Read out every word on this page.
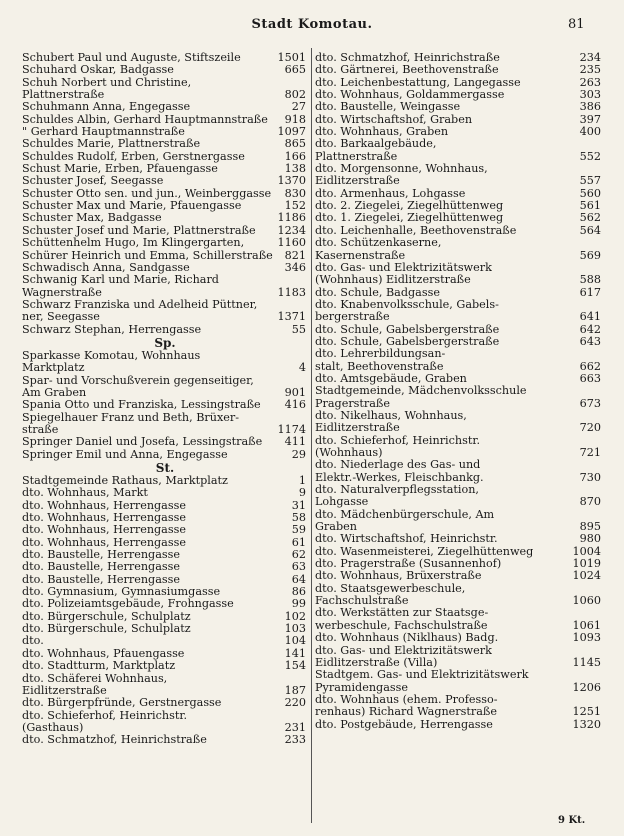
Stadt Komotau.	81
Schubert Paul und Auguste, Stiftszeile	1501
Schuhard Oskar, Badgasse	665
Schuh Norbert und Christine,
Plattnerstraße	802
Schuhmann Anna, Engegasse	27
Schuldes Albin, Gerhard Hauptmannstraße	918
" Gerhard Hauptmannstraße	1097
Schuldes Marie, Plattnerstraße	865
Schuldes Rudolf, Erben, Gerstnergasse	166
Schust Marie, Erben, Pfauengasse	138
Schuster Josef, Seegasse	1370
Schuster Otto sen. und jun., Weinberggasse	830
Schuster Max und Marie, Pfauengasse	152
Schuster Max, Badgasse	1186
Schuster Josef und Marie, Plattnerstraße	1234
Schüttenhelm Hugo, Im Klingergarten,	1160
Schürer Heinrich und Emma, Schillerstraße	821
Schwadisch Anna, Sandgasse	346
Schwanig Karl und Marie, Richard
Wagnerstraße	1183
Schwarz Franziska und Adelheid Püttner,
ner, Seegasse	1371
Schwarz Stephan, Herrengasse	55
Sp.
Sparkasse Komotau, Wohnhaus
Marktplatz	4
Spar- und Vorschußverein gegenseitiger,
Am Graben	901
Spania Otto und Franziska, Lessingstraße	416
Spiegelhauer Franz und Beth, Brüxer-
straße	1174
Springer Daniel und Josefa, Lessingstraße	411
Springer Emil und Anna, Engegasse	29
St.
Stadtgemeinde Rathaus, Marktplatz	1
dto. Wohnhaus, Markt	9
dto. Wohnhaus, Herrengasse	31
dto. Wohnhaus, Herrengasse	58
dto. Wohnhaus, Herrengasse	59
dto. Wohnhaus, Herrengasse	61
dto. Baustelle, Herrengasse	62
dto. Baustelle, Herrengasse	63
dto. Baustelle, Herrengasse	64
dto. Gymnasium, Gymnasiumgasse	86
dto. Polizeiamtsgebäude, Frohngasse	99
dto. Bürgerschule, Schulplatz	102
dto. Bürgerschule, Schulplatz	103
dto.	104
dto. Wohnhaus, Pfauengasse	141
dto. Stadtturm, Marktplatz	154
dto. Schäferei Wohnhaus,
Eidlitzerstraße	187
dto. Bürgerpfründe, Gerstnergasse	220
dto. Schieferhof, Heinrichstr.
(Gasthaus)	231
dto. Schmatzhof, Heinrichstraße	233
dto. Schmatzhof, Heinrichstraße	234
dto. Gärtnerei, Beethovenstraße	235
dto. Leichenbestattung, Langegasse	263
dto. Wohnhaus, Goldammergasse	303
dto. Baustelle, Weingasse	386
dto. Wirtschaftshof, Graben	397
dto. Wohnhaus, Graben	400
dto. Barkaalgebäude,
Plattnerstraße	552
dto. Morgensonne, Wohnhaus,
Eidlitzerstraße	557
dto. Armenhaus, Lohgasse	560
dto. 2. Ziegelei, Ziegelhüttenweg	561
dto. 1. Ziegelei, Ziegelhüttenweg	562
dto. Leichenhalle, Beethovenstraße	564
dto. Schützenkaserne,
Kasernenstraße	569
dto. Gas- und Elektrizitätswerk
(Wohnhaus) Eidlitzerstraße	588
dto. Schule, Badgasse	617
dto. Knabenvolksschule, Gabels-
bergerstraße	641
dto. Schule, Gabelsbergerstraße	642
dto. Schule, Gabelsbergerstraße	643
dto. Lehrerbildungsan-
stalt, Beethovenstraße	662
dto. Amtsgebäude, Graben	663
Stadtgemeinde, Mädchenvolksschule
Pragerstraße	673
dto. Nikelhaus, Wohnhaus,
Eidlitzerstraße	720
dto. Schieferhof, Heinrichstr.
(Wohnhaus)	721
dto. Niederlage des Gas- und
Elektr.-Werkes, Fleischbankg.	730
dto. Naturalverpflegsstation,
Lohgasse	870
dto. Mädchenbürgerschule, Am
Graben	895
dto. Wirtschaftshof, Heinrichstr.	980
dto. Wasenmeisterei, Ziegelhüttenweg	1004
dto. Pragerstraße (Susannenhof)	1019
dto. Wohnhaus, Brüxerstraße	1024
dto. Staatsgewerbeschule,
Fachschulstraße	1060
dto. Werkstätten zur Staatsge-
werbeschule, Fachschulstraße	1061
dto. Wohnhaus (Niklhaus) Badg.	1093
dto. Gas- und Elektrizitätswerk
Eidlitzerstraße (Villa)	1145
Stadtgem. Gas- und Elektrizitätswerk
Pyramidengasse	1206
dto. Wohnhaus (ehem. Professo-
renhaus) Richard Wagnerstraße	1251
dto. Postgebäude, Herrengasse	1320
9 Kt.
